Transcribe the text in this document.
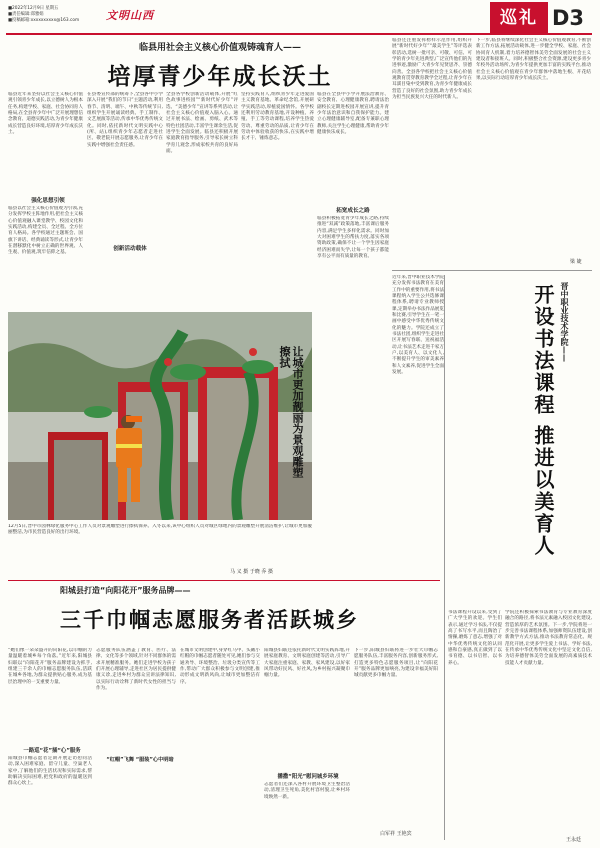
■2022年12月9日 星期五
■责任编辑:郑雅娟
■投稿邮箱:xxxxxxxxxx@163.com	文明山西	巡礼 D3
临县用社会主义核心价值观铸魂育人——
培厚青少年成长沃土
临县近年来坚持以社会主义核心价值观引领青少年成长,以立德树人为根本任务,构建学校、家庭、社会协同育人格局,在全县青少年中广泛开展理想信念教育、道德实践活动,为青少年健康成长营造良好环境,培厚青少年成长沃土。
强化思想引领
临县以社会主义核心价值观为引领,充分发挥学校主阵地作用,把社会主义核心价值观融入课堂教学、校园文化和实践活动,构建全员、全过程、全方位育人格局。各学校通过主题班会、国旗下讲话、经典诵读等形式,让青少年在潜移默化中树立正确的世界观、人生观、价值观,筑牢信仰之基。
在县委宣传部的统筹下,全县各中小学深入开展“我们的节日”主题活动,利用春节、清明、端午、中秋等传统节日,组织学生开展诵读经典、手工制作、文艺展演等活动,传承中华优秀传统文化。同时,依托新时代文明实践中心(所、站),组织青少年志愿者走进社区、敬老院开展志愿服务,让青少年在实践中增强社会责任感。
创新活动载体
全县各学校创新活动载体,开展“红色故事进校园”“新时代好少年”评选、“美德少年”宣讲等系列活动,让社会主义核心价值观入脑入心。通过开展书法、绘画、剪纸、武术等特色社团活动,丰富学生课余生活,促进学生全面发展。临县还积极开展家庭教育指导服务,引导家长树立科学育儿观念,形成家校共育的良好局面。
坚持实践育人,组织青少年走进爱国主义教育基地、革命纪念馆,开展研学实践活动,厚植爱国情怀。各学校还利用劳动教育基地,开设种植、养殖、手工等劳动课程,培养学生热爱劳动、尊重劳动的品质,让青少年在劳动中体验收获的快乐,在实践中增长才干、锤炼意志。
临县在全县中小学开展法治教育、安全教育、心理健康教育,聘请法治副校长定期进校园开展宣讲,提升青少年法治意识和自我保护能力。建立心理健康辅导室,配备专兼职心理教师,关注学生心理健康,帮助青少年健康快乐成长。
拓宽成长之路
临县积极拓宽青少年成长之路,持续推进“双减”政策落地,丰富课后服务内容,满足学生多样化需求。同时加大对困难学生的帮扶力度,落实各项资助政策,确保不让一个学生因家庭经济困难而失学,让每一个孩子都能享有公平而有质量的教育。
临县还注重发挥榜样示范作用,组织开展“新时代好少年”“最美学生”等评选表彰活动,选树一批可亲、可敬、可信、可学的青少年先进典型,广泛宣传他们的先进事迹,激励广大青少年见贤思齐、崇德向善。全县各学校把社会主义核心价值观教育贯穿教育教学全过程,让青少年在耳濡目染中受到教育,为青少年健康成长营造了良好的社会氛围,助力青少年成长为担当民族复兴大任的时代新人。
下一步,临县将继续深化社会主义核心价值观教育,不断创新工作方法,拓展活动载体,进一步健全学校、家庭、社会协同育人机制,着力培养德智体美劳全面发展的社会主义建设者和接班人。同时,积极整合社会资源,建设更多青少年校外活动场所,为青少年提供更加丰富的实践平台,推动社会主义核心价值观在青少年群体中落地生根、开花结果,以实际行动培厚青少年成长沃土。
梁 婕
近年来,晋中职业技术学院充分发挥书法教育在美育工作中的重要作用,将书法课程纳入学生公共选修课程体系,聘请专业教师授课,定期举办书法作品展览和比赛,引导学生在一笔一画中感受中华优秀传统文化的魅力。学院还成立了书法社团,组织学生走进社区开展写春联、送祝福活动,让书法艺术走进千家万户,以美育人、以文化人,不断提升学生的审美素养和人文素养,促进学生全面发展。
晋中职业技术学院——
开设书法课程 推进以美育人
学院还积极探索书法教育与专业教育深度融合的路径,将书法元素融入校园文化建设,营造浓厚的艺术氛围。下一步,学院将进一步完善书法课程体系,加强师资队伍建设,创新教学方式方法,推动书法教育常态化、规范化开展,让更多学生爱上书法、学好书法,在传承中华优秀传统文化中坚定文化自信,为培养德智体美劳全面发展的高素质技术技能人才贡献力量。
书法课程开设以来,受到了广大学生的欢迎。学生们表示,通过学习书法,不仅提高了书写水平,而且陶冶了情操,磨炼了意志,增强了对中华优秀传统文化的认同感和自豪感,真正做到了以书育德、以书启智、以书养心。
王永廷
让城市更加靓丽为景观雕塑擦拭
12月5日,晋中市园林绿化服务中心工作人员对景观雕塑进行擦拭保养。入冬以来,该中心组织人员对城区绿地内的景观雕塑开展清洁维护,让城市更加靓丽整洁,为市民营造良好的出行环境。
马 义 摄 于晓 乔 摄
阳城县打造“向阳花开”服务品牌——
三千巾帼志愿服务者活跃城乡
“她们像一朵朵盛开的向阳花,以巾帼的力量温暖着城乡每个角落。”近年来,阳城县妇联以“向阳花开”服务品牌建设为抓手,组建三千余人的巾帼志愿服务队伍,活跃在城乡各地,为群众提供贴心服务,成为基层治理中的一支重要力量。
一路巡“花”插“心”服务
阳城县巾帼志愿者定期开展走访慰问活动,深入困难家庭、留守儿童、空巢老人家中,了解他们的生活状况和实际需求,帮助解决实际困难,把党和政府的温暖送到群众心坎上。
志愿服务队伍涵盖了教育、医疗、法律、文化等多个领域,针对不同群体的需求开展精准服务。她们走进学校为孩子们开展心理辅导,走进社区为居民提供健康义诊,走进乡村为群众宣讲法律知识,以实际行动诠释了新时代女性的担当与作为。
“红帽”飞舞 “服装”心中明暗
在城市文明创建中,身穿红马甲、头戴小红帽的巾帼志愿者随处可见,她们参与交通劝导、环境整治、垃圾分类宣传等工作,带动广大群众积极参与文明创建,推动形成文明新风尚,让城市更加整洁有序。
阳城县妇联还依托新时代文明实践阵地,开展家庭教育、文明家庭创建等活动,引导广大家庭注重家庭、家教、家风建设,以好家风带动好民风、好社风,为乡村振兴凝聚巾帼力量。
播撒“阳光”慰问城乡环境
志愿者们还深入各村开展环境卫生整治活动,清理卫生死角,美化村容村貌,让乡村环境焕然一新。
下一步,阳城县妇联将进一步壮大巾帼志愿服务队伍,丰富服务内容,创新服务形式,打造更多特色志愿服务项目,让“向阳花开”服务品牌更加响亮,为建设幸福美好阳城贡献更多巾帼力量。
白军祥 王艳宾
